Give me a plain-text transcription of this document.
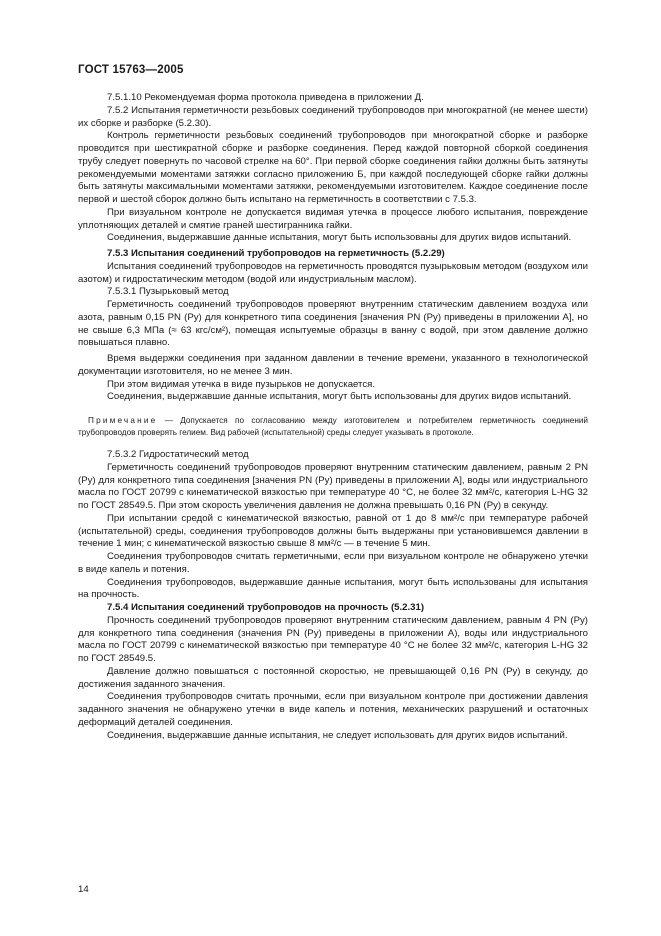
ГОСТ 15763—2005

7.5.1.10 Рекомендуемая форма протокола приведена в приложении Д.

7.5.2 Испытания герметичности резьбовых соединений трубопроводов при многократной (не менее шести) их сборке и разборке (5.2.30).

Контроль герметичности резьбовых соединений трубопроводов при многократной сборке и разборке проводится при шестикратной сборке и разборке соединения. Перед каждой повторной сборкой соединения трубу следует повернуть по часовой стрелке на 60°. При первой сборке соединения гайки должны быть затянуты рекомендуемыми моментами затяжки согласно приложению Б, при каждой последующей сборке гайки должны быть затянуты максимальными моментами затяжки, рекомендуемыми изготовителем. Каждое соединение после первой и шестой сборок должно быть испытано на герметичность в соответствии с 7.5.3.

При визуальном контроле не допускается видимая утечка в процессе любого испытания, повреждение уплотняющих деталей и смятие граней шестигранника гайки.

Соединения, выдержавшие данные испытания, могут быть использованы для других видов испытаний.

7.5.3 Испытания соединений трубопроводов на герметичность (5.2.29)

Испытания соединений трубопроводов на герметичность проводятся пузырьковым методом (воздухом или азотом) и гидростатическим методом (водой или индустриальным маслом).

7.5.3.1 Пузырьковый метод

Герметичность соединений трубопроводов проверяют внутренним статическим давлением воздуха или азота, равным 0,15 PN (Pу) для конкретного типа соединения [значения PN (Pу) приведены в приложении А], но не свыше 6,3 МПа (≈ 63 кгс/см²), помещая испытуемые образцы в ванну с водой, при этом давление должно повышаться плавно.

Время выдержки соединения при заданном давлении в течение времени, указанного в технологической документации изготовителя, но не менее 3 мин.

При этом видимая утечка в виде пузырьков не допускается.

Соединения, выдержавшие данные испытания, могут быть использованы для других видов испытаний.

Примечание — Допускается по согласованию между изготовителем и потребителем герметичность соединений трубопроводов проверять гелием. Вид рабочей (испытательной) среды следует указывать в протоколе.

7.5.3.2 Гидростатический метод

Герметичность соединений трубопроводов проверяют внутренним статическим давлением, равным 2 PN (Pу) для конкретного типа соединения [значения PN (Pу) приведены в приложении А], воды или индустриального масла по ГОСТ 20799 с кинематической вязкостью при температуре 40 °С, не более 32 мм²/с, категория L-HG 32 по ГОСТ 28549.5. При этом скорость увеличения давления не должна превышать 0,16 PN (Pу) в секунду.

При испытании средой с кинематической вязкостью, равной от 1 до 8 мм²/с при температуре рабочей (испытательной) среды, соединения трубопроводов должны быть выдержаны при установившемся давлении в течение 1 мин; с кинематической вязкостью свыше 8 мм²/с — в течение 5 мин.

Соединения трубопроводов считать герметичными, если при визуальном контроле не обнаружено утечки в виде капель и потения.

Соединения трубопроводов, выдержавшие данные испытания, могут быть использованы для испытания на прочность.

7.5.4 Испытания соединений трубопроводов на прочность (5.2.31)

Прочность соединений трубопроводов проверяют внутренним статическим давлением, равным 4 PN (Pу) для конкретного типа соединения (значения PN (Pу) приведены в приложении А), воды или индустриального масла по ГОСТ 20799 с кинематической вязкостью при температуре 40 °С не более 32 мм²/с, категория L-HG 32 по ГОСТ 28549.5.

Давление должно повышаться с постоянной скоростью, не превышающей 0,16 PN (Pу) в секунду, до достижения заданного значения.

Соединения трубопроводов считать прочными, если при визуальном контроле при достижении давления заданного значения не обнаружено утечки в виде капель и потения, механических разрушений и остаточных деформаций деталей соединения.

Соединения, выдержавшие данные испытания, не следует использовать для других видов испытаний.

14
